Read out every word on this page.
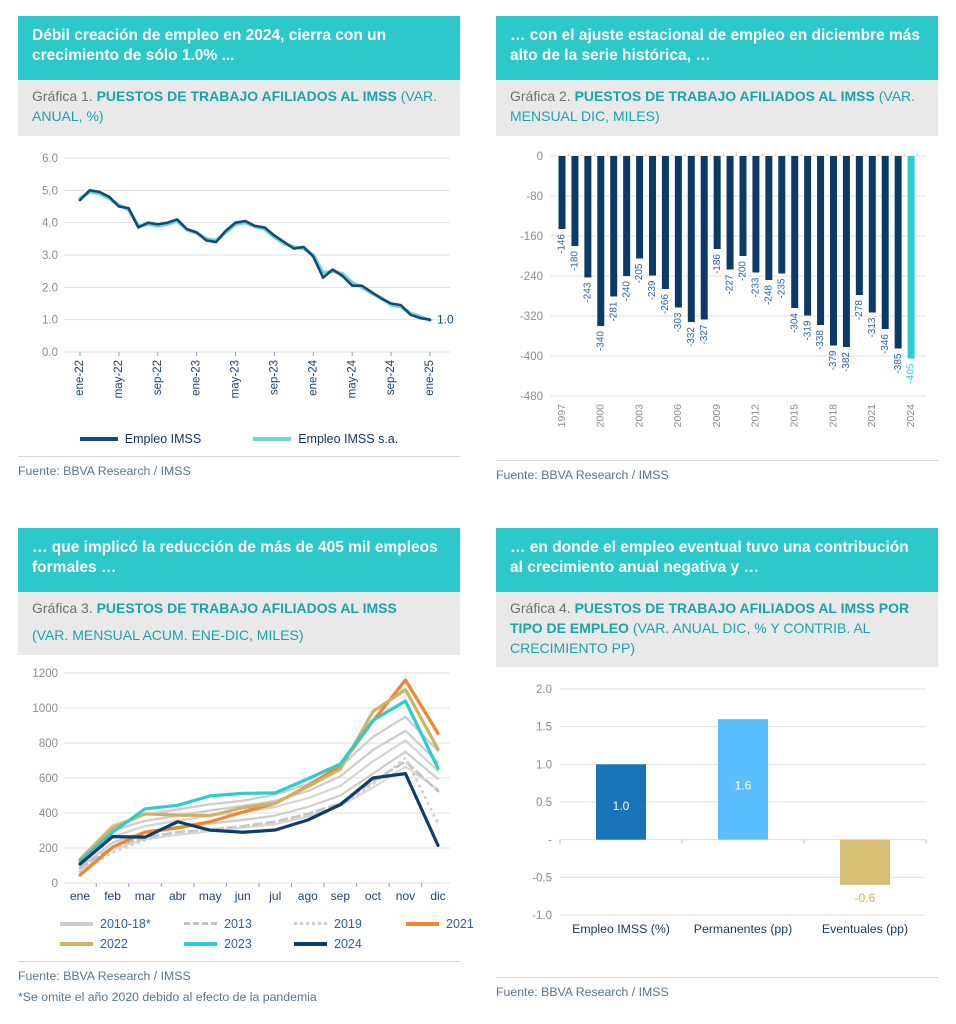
Débil creación de empleo en 2024, cierra con un crecimiento de sólo 1.0% ...
Gráfica 1. PUESTOS DE TRABAJO AFILIADOS AL IMSS (VAR. ANUAL, %)
0.0
1.0
2.0
3.0
4.0
5.0
6.0
ene-22 may-22 sep-22 ene-23 may-23 sep-23 ene-24 may-24 sep-24 ene-25
1.0
Empleo IMSS	Empleo IMSS s.a.
Fuente: BBVA Research / IMSS
… con el ajuste estacional de empleo en diciembre más alto de la serie histórica, …
Gráfica 2. PUESTOS DE TRABAJO AFILIADOS AL IMSS (VAR. MENSUAL DIC, MILES)
0
-80
-160
-240
-320
-400
-480
-146
1997
-180
-243
-340
2000
-281
-240
-205
2003
-239
-266
-303
2006
-332 -327
-186
2009
-227
-200
-233
2012
-248 -235
-304
2015
-319 -338
-379
2018
-382
-278
-313
2021
-346
-385 -405
2024
Fuente: BBVA Research / IMSS
… que implicó la reducción de más de 405 mil empleos formales …
Gráfica 3. PUESTOS DE TRABAJO AFILIADOS AL IMSS
(VAR. MENSUAL ACUM. ENE-DIC, MILES)
0
200
400
600
800
1000
1200
ene feb mar abr may jun jul ago sep oct nov dic
2010-18*	2013	2019	2021
2022	2023	2024
Fuente: BBVA Research / IMSS
*Se omite el año 2020 debido al efecto de la pandemia
… en donde el empleo eventual tuvo una contribución al crecimiento anual negativa y …
Gráfica 4. PUESTOS DE TRABAJO AFILIADOS AL IMSS POR TIPO DE EMPLEO (VAR. ANUAL DIC, % Y CONTRIB. AL CRECIMIENTO PP)
2.0
1.5
1.0
0.5
-
-0.5
-1.0
1.0
Empleo IMSS (%)
1.6
Permanentes (pp)
-0.6
Eventuales (pp)
Fuente: BBVA Research / IMSS
